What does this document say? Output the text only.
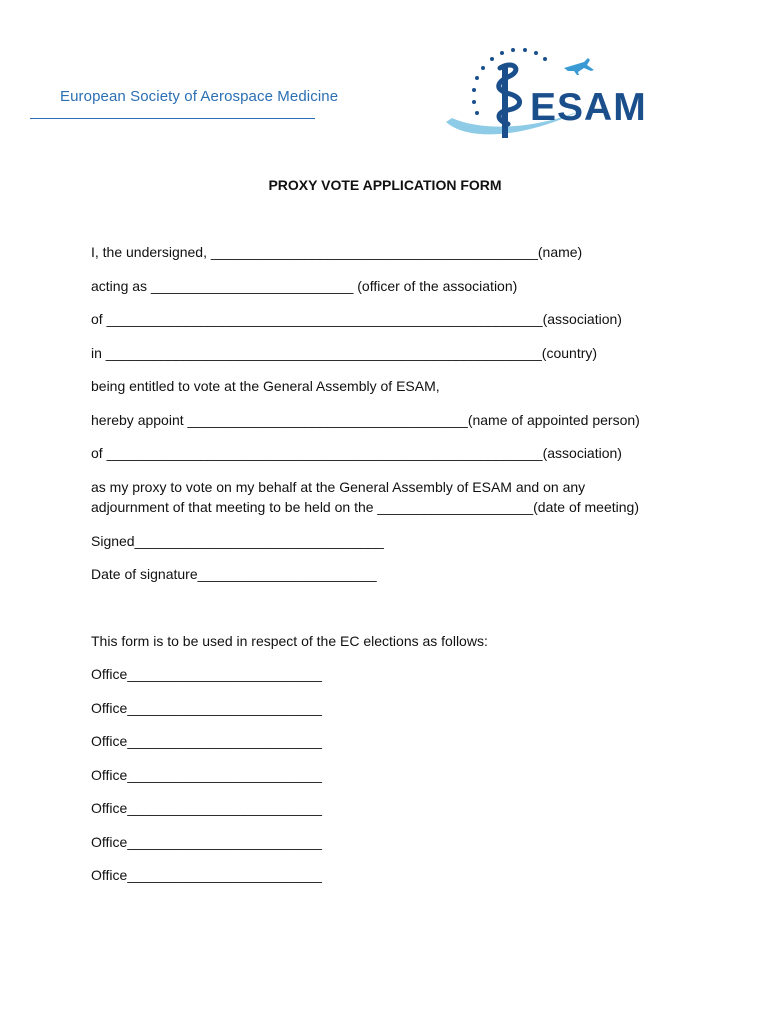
European Society of Aerospace Medicine	ESAM
PROXY VOTE APPLICATION FORM
I, the undersigned, __________________________________________(name)
acting as __________________________ (officer of the association)
of ________________________________________________________(association)
in ________________________________________________________(country)
being entitled to vote at the General Assembly of ESAM,
hereby appoint ____________________________________(name of appointed person)
of ________________________________________________________(association)
as my proxy to vote on my behalf at the General Assembly of ESAM and on any
adjournment of that meeting to be held on the ____________________(date of meeting)
Signed________________________________
Date of signature_______________________
This form is to be used in respect of the EC elections as follows:
Office_________________________
Office_________________________
Office_________________________
Office_________________________
Office_________________________
Office_________________________
Office_________________________
